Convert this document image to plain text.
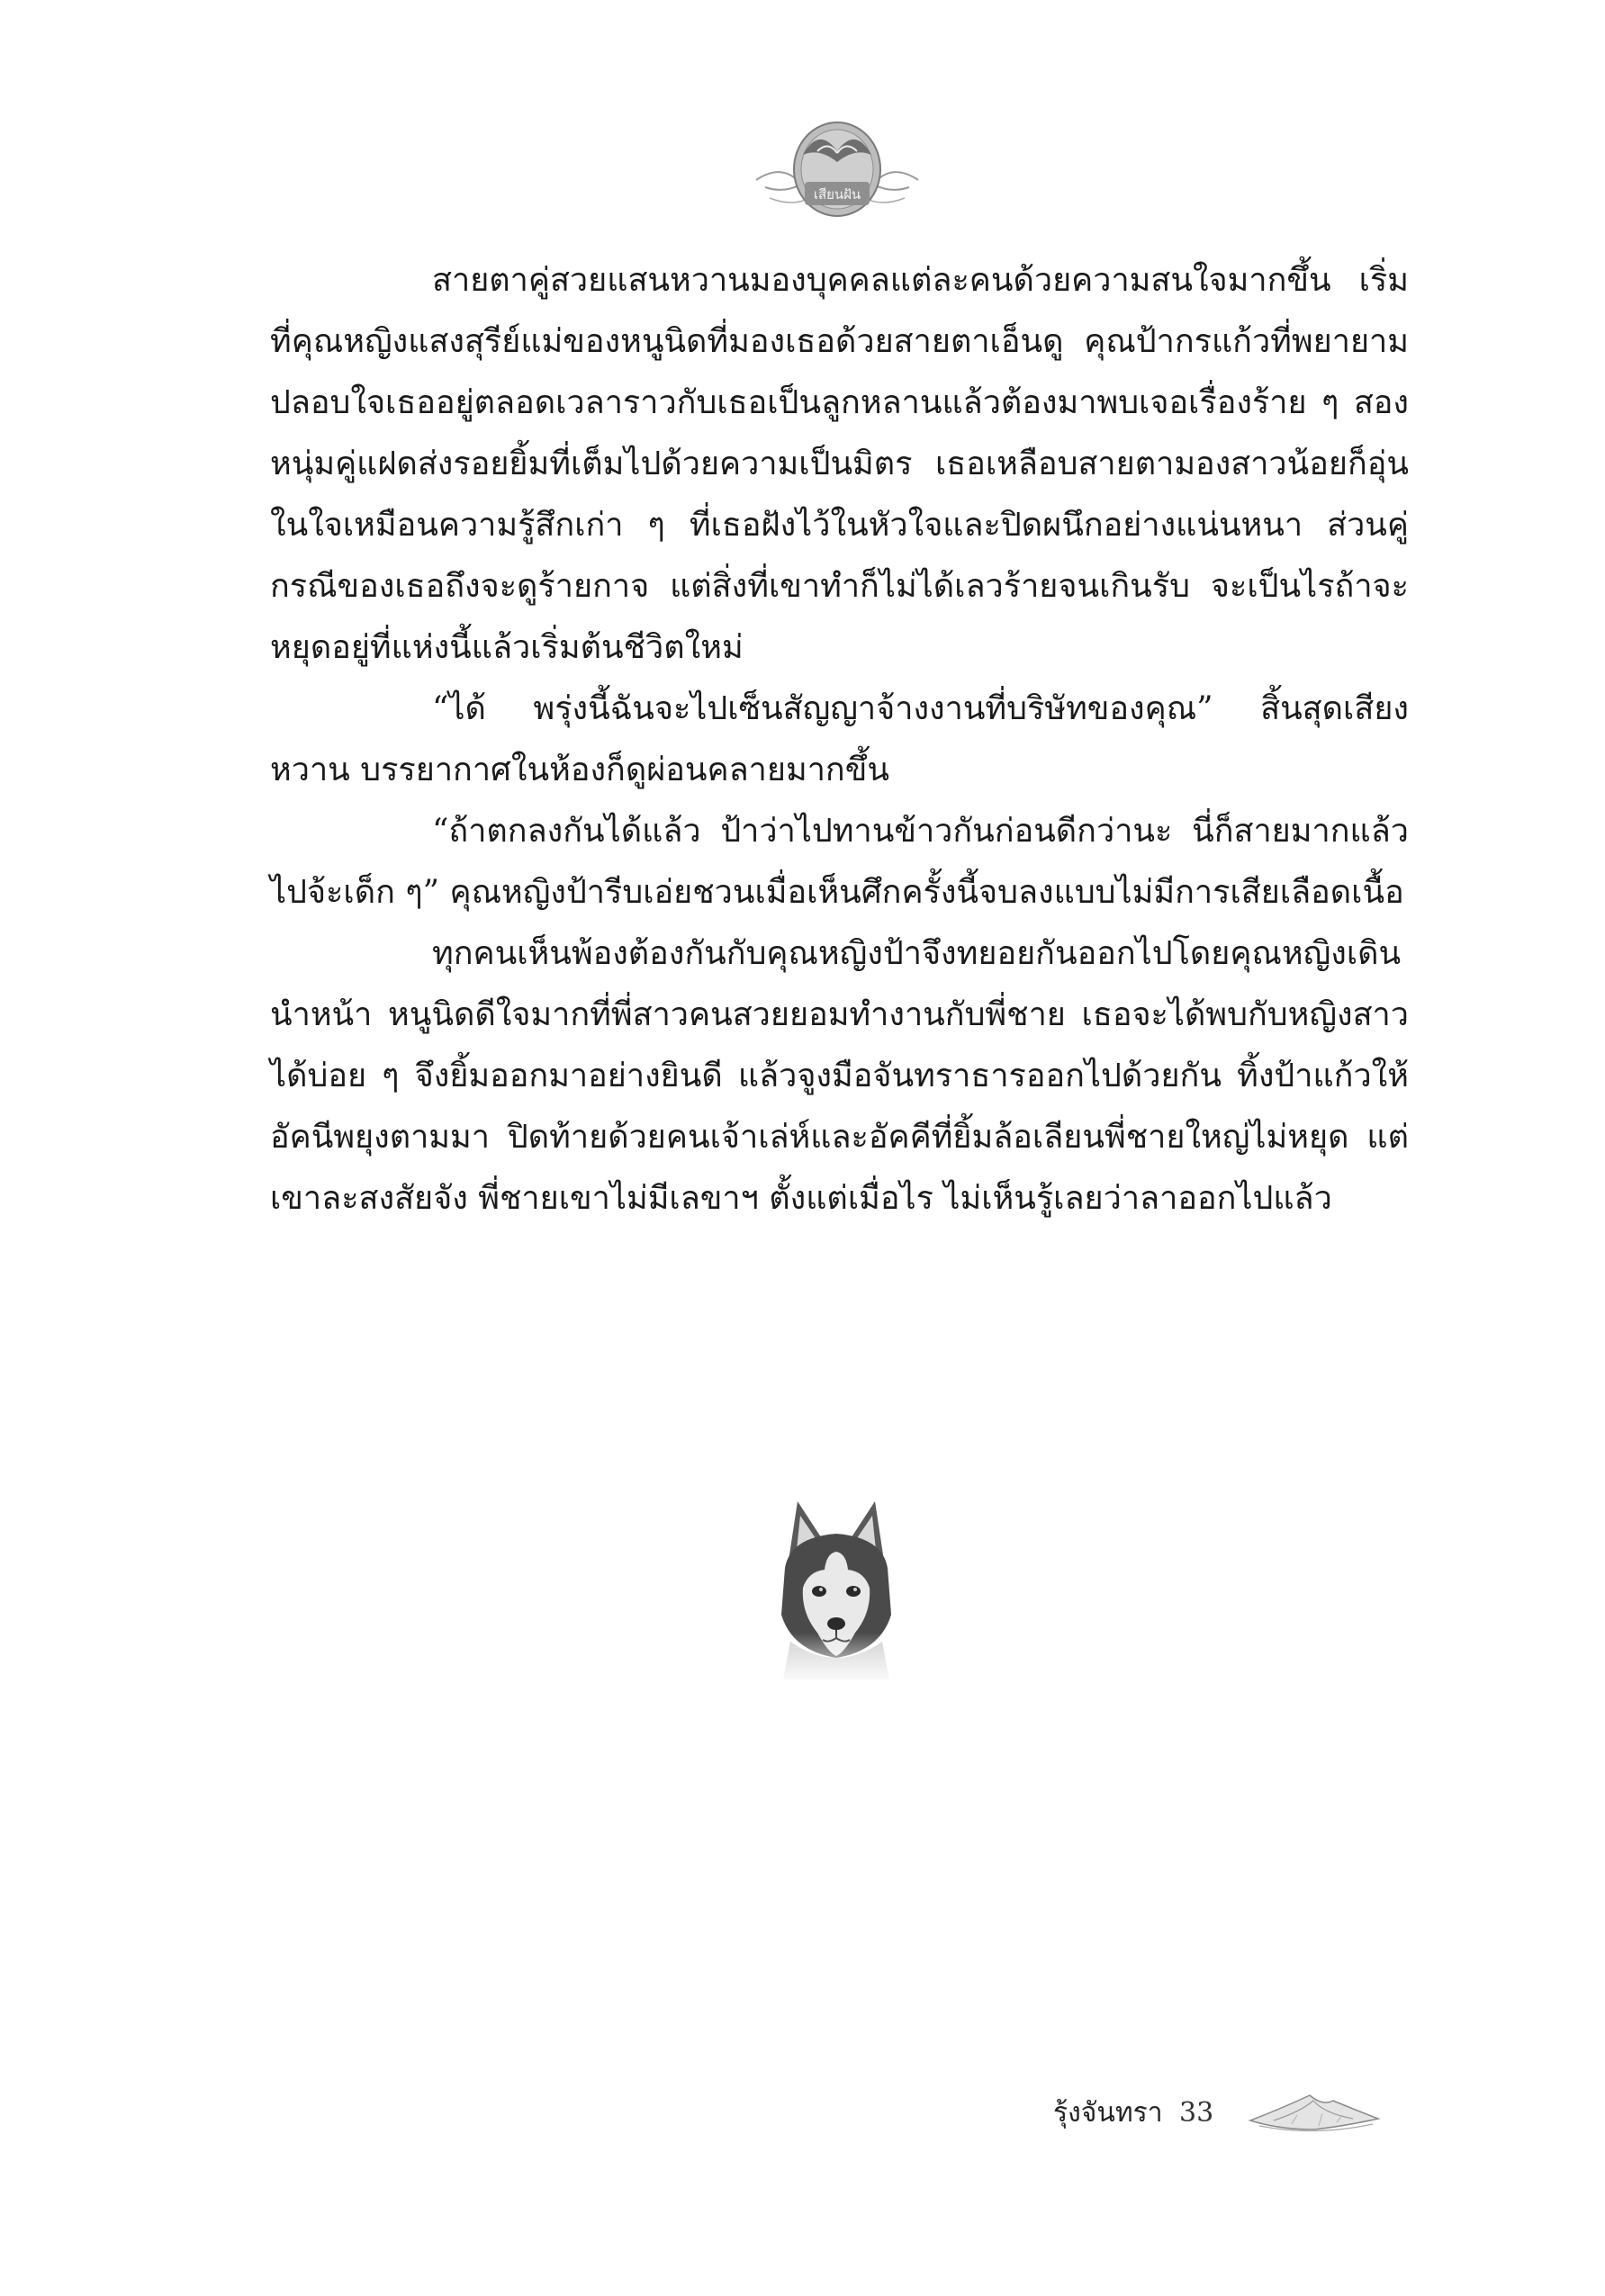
เสียนฝัน

สายตาคู่สวยแสนหวานมองบุคคลแต่ละคนด้วยความสนใจมากขึ้น เริ่มที่คุณหญิงแสงสุรีย์แม่ของหนูนิดที่มองเธอด้วยสายตาเอ็นดู คุณป้ากรแก้วที่พยายามปลอบใจเธออยู่ตลอดเวลาราวกับเธอเป็นลูกหลานแล้วต้องมาพบเจอเรื่องร้าย ๆ สองหนุ่มคู่แฝดส่งรอยยิ้มที่เต็มไปด้วยความเป็นมิตร เธอเหลือบสายตามองสาวน้อยก็อุ่นในใจเหมือนความรู้สึกเก่า ๆ ที่เธอฝังไว้ในหัวใจและปิดผนึกอย่างแน่นหนา ส่วนคู่กรณีของเธอถึงจะดูร้ายกาจ แต่สิ่งที่เขาทำก็ไม่ได้เลวร้ายจนเกินรับ จะเป็นไรถ้าจะหยุดอยู่ที่แห่งนี้แล้วเริ่มต้นชีวิตใหม่

“ได้ พรุ่งนี้ฉันจะไปเซ็นสัญญาจ้างงานที่บริษัทของคุณ” สิ้นสุดเสียงหวาน บรรยากาศในห้องก็ดูผ่อนคลายมากขึ้น

“ถ้าตกลงกันได้แล้ว ป้าว่าไปทานข้าวกันก่อนดีกว่านะ นี่ก็สายมากแล้ว ไปจ้ะเด็ก ๆ” คุณหญิงป้ารีบเอ่ยชวนเมื่อเห็นศึกครั้งนี้จบลงแบบไม่มีการเสียเลือดเนื้อ

ทุกคนเห็นพ้องต้องกันกับคุณหญิงป้าจึงทยอยกันออกไปโดยคุณหญิงเดินนำหน้า หนูนิดดีใจมากที่พี่สาวคนสวยยอมทำงานกับพี่ชาย เธอจะได้พบกับหญิงสาวได้บ่อย ๆ จึงยิ้มออกมาอย่างยินดี แล้วจูงมือจันทราธารออกไปด้วยกัน ทิ้งป้าแก้วให้อัคนีพยุงตามมา ปิดท้ายด้วยคนเจ้าเล่ห์และอัคคีที่ยิ้มล้อเลียนพี่ชายใหญ่ไม่หยุด แต่เขาละสงสัยจัง พี่ชายเขาไม่มีเลขาฯ ตั้งแต่เมื่อไร ไม่เห็นรู้เลยว่าลาออกไปแล้ว

รุ้งจันทรา 33
